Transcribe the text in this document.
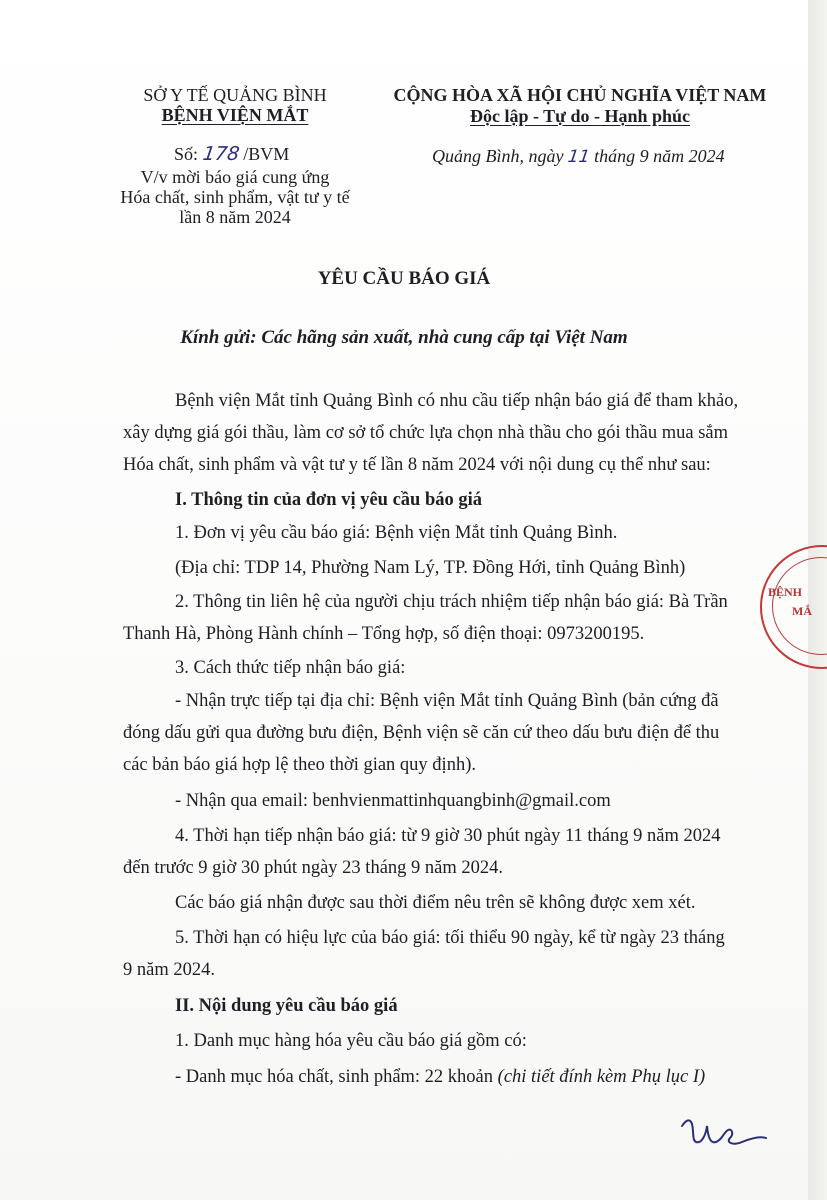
SỞ Y TẾ QUẢNG BÌNH
BỆNH VIỆN MẮT
Số: 178 /BVM
V/v mời báo giá cung ứng
Hóa chất, sinh phẩm, vật tư y tế
lần 8 năm 2024
CỘNG HÒA XÃ HỘI CHỦ NGHĨA VIỆT NAM
Độc lập - Tự do - Hạnh phúc
Quảng Bình, ngày 11 tháng 9 năm 2024
YÊU CẦU BÁO GIÁ
Kính gửi: Các hãng sản xuất, nhà cung cấp tại Việt Nam
Bệnh viện Mắt tỉnh Quảng Bình có nhu cầu tiếp nhận báo giá để tham khảo,
xây dựng giá gói thầu, làm cơ sở tổ chức lựa chọn nhà thầu cho gói thầu mua sắm
Hóa chất, sinh phẩm và vật tư y tế lần 8 năm 2024 với nội dung cụ thể như sau:
I. Thông tin của đơn vị yêu cầu báo giá
1. Đơn vị yêu cầu báo giá: Bệnh viện Mắt tỉnh Quảng Bình.
(Địa chỉ: TDP 14, Phường Nam Lý, TP. Đồng Hới, tỉnh Quảng Bình)
2. Thông tin liên hệ của người chịu trách nhiệm tiếp nhận báo giá: Bà Trần
Thanh Hà, Phòng Hành chính – Tổng hợp, số điện thoại: 0973200195.
3. Cách thức tiếp nhận báo giá:
- Nhận trực tiếp tại địa chỉ: Bệnh viện Mắt tỉnh Quảng Bình (bản cứng đã
đóng dấu gửi qua đường bưu điện, Bệnh viện sẽ căn cứ theo dấu bưu điện để thu
các bản báo giá hợp lệ theo thời gian quy định).
- Nhận qua email: benhvienmattinhquangbinh@gmail.com
4. Thời hạn tiếp nhận báo giá: từ 9 giờ 30 phút ngày 11 tháng 9 năm 2024
đến trước 9 giờ 30 phút ngày 23 tháng 9 năm 2024.
Các báo giá nhận được sau thời điểm nêu trên sẽ không được xem xét.
5. Thời hạn có hiệu lực của báo giá: tối thiểu 90 ngày, kể từ ngày 23 tháng
9 năm 2024.
II. Nội dung yêu cầu báo giá
1. Danh mục hàng hóa yêu cầu báo giá gồm có:
- Danh mục hóa chất, sinh phẩm: 22 khoản (chi tiết đính kèm Phụ lục I)
BỆNH
MẮ
